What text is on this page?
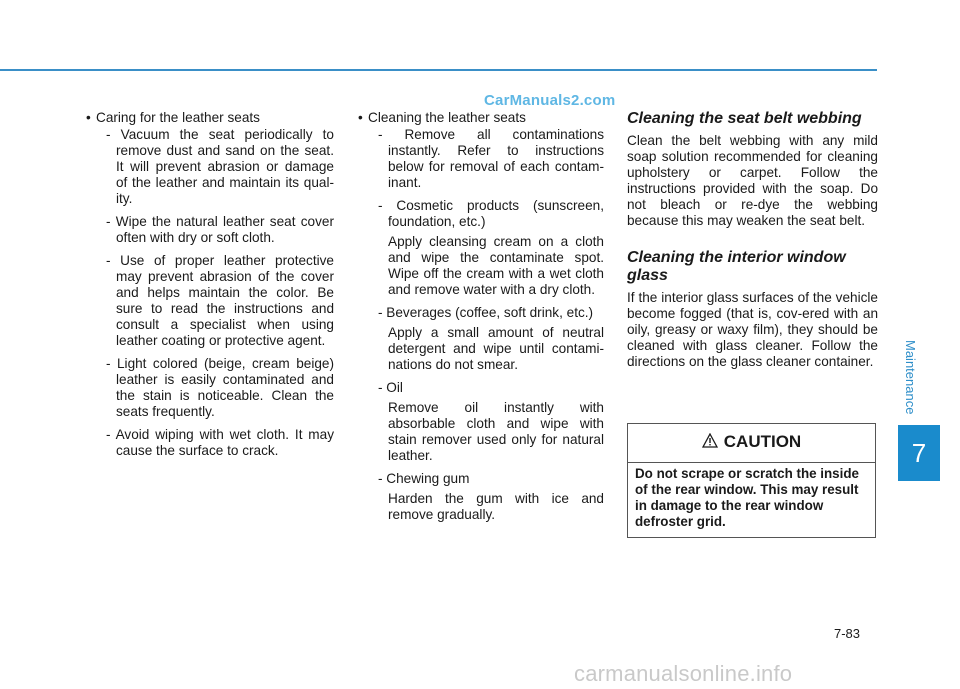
CarManuals2.com
• Caring for the leather seats
- Vacuum the seat periodically to remove dust and sand on the seat. It will prevent abrasion or damage of the leather and maintain its qual-ity.
- Wipe the natural leather seat cover often with dry or soft cloth.
- Use of proper leather protective may prevent abrasion of the cover and helps maintain the color. Be sure to read the instructions and consult a specialist when using leather coating or protective agent.
- Light colored (beige, cream beige) leather is easily contaminated and the stain is noticeable. Clean the seats frequently.
- Avoid wiping with wet cloth. It may cause the surface to crack.
• Cleaning the leather seats
- Remove all contaminations instantly. Refer to instructions below for removal of each contam-inant.
- Cosmetic products (sunscreen, foundation, etc.)
Apply cleansing cream on a cloth and wipe the contaminate spot. Wipe off the cream with a wet cloth and remove water with a dry cloth.
- Beverages (coffee, soft drink, etc.)
Apply a small amount of neutral detergent and wipe until contami-nations do not smear.
- Oil
Remove oil instantly with absorbable cloth and wipe with stain remover used only for natural leather.
- Chewing gum
Harden the gum with ice and remove gradually.
Cleaning the seat belt webbing
Clean the belt webbing with any mild soap solution recommended for cleaning upholstery or carpet. Follow the instructions provided with the soap. Do not bleach or re-dye the webbing because this may weaken the seat belt.
Cleaning the interior window glass
If the interior glass surfaces of the vehicle become fogged (that is, cov-ered with an oily, greasy or waxy film), they should be cleaned with glass cleaner. Follow the directions on the glass cleaner container.
CAUTION
Do not scrape or scratch the inside of the rear window. This may result in damage to the rear window defroster grid.
Maintenance
7
7-83
carmanualsonline.info
